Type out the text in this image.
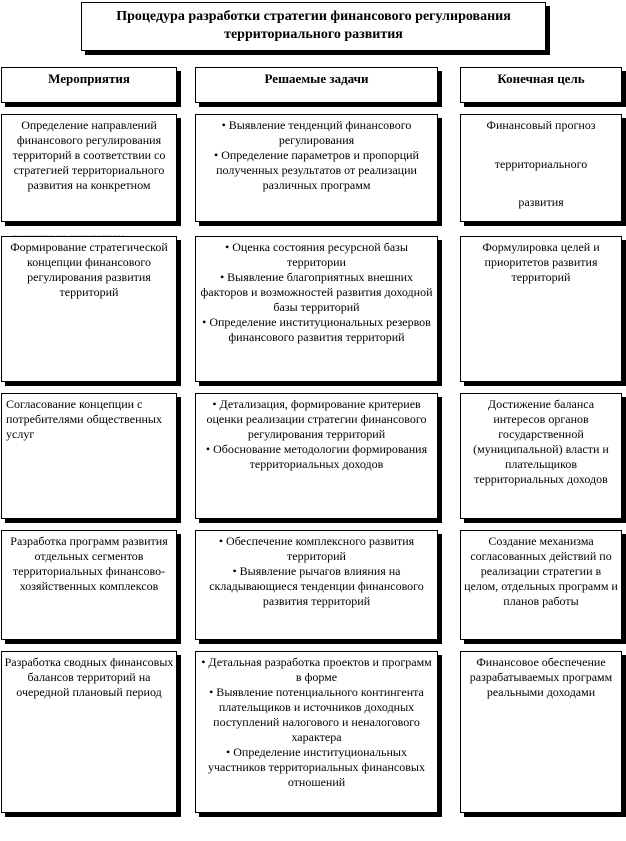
Процедура разработки стратегии финансового регулирования территориального развития
Мероприятия	Решаемые задачи	Конечная цель
Определение направлений финансового регулирования территорий в соответствии со стратегией территориального развития на конкретном
• Выявление тенденций финансового регулирования
• Определение параметров и пропорций полученных результатов от реализации различных программ
Финансовый прогноз
территориального
развития
Формирование стратегической концепции финансового регулирования развития территорий
• Оценка состояния ресурсной базы территории
• Выявление благоприятных внешних факторов и возможностей развития доходной базы территорий
• Определение институциональных резервов финансового развития территорий
Формулировка целей и приоритетов развития территорий
Согласование концепции с потребителями общественных услуг
• Детализация, формирование критериев оценки реализации стратегии финансового регулирования территорий
• Обоснование методологии формирования территориальных доходов
Достижение баланса интересов органов государственной (муниципальной) власти и плательщиков территориальных доходов
Разработка программ развития отдельных сегментов территориальных финансово-хозяйственных комплексов
• Обеспечение комплексного развития территорий
• Выявление рычагов влияния на складывающиеся тенденции финансового развития территорий
Создание механизма согласованных действий по реализации стратегии в целом, отдельных программ и планов работы
Разработка сводных финансовых балансов территорий на очередной плановый период
• Детальная разработка проектов и программ в форме
• Выявление потенциального контингента плательщиков и источников доходных поступлений налогового и неналогового характера
• Определение институциональных участников территориальных финансовых отношений
Финансовое обеспечение разрабатываемых программ реальными доходами
